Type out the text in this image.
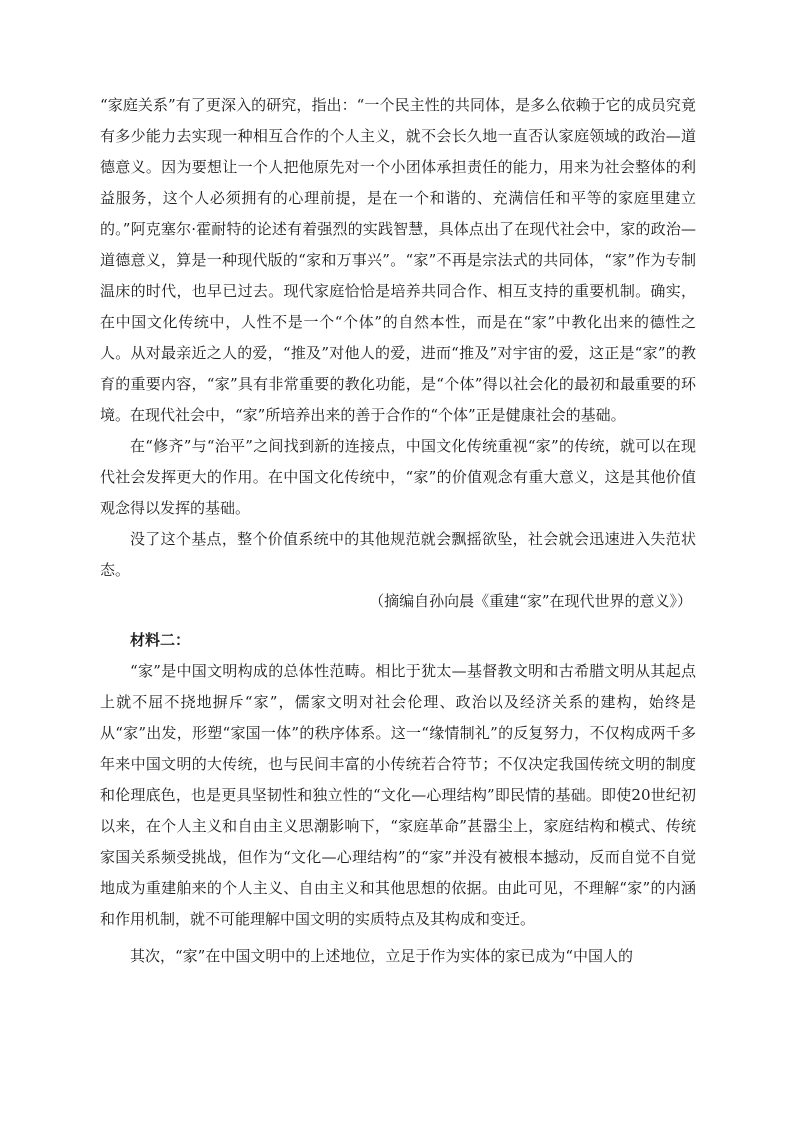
“家庭关系”有了更深入的研究，指出：“一个民主性的共同体，是多么依赖于它的成员究竟有多少能力去实现一种相互合作的个人主义，就不会长久地一直否认家庭领域的政治—道德意义。因为要想让一个人把他原先对一个小团体承担责任的能力，用来为社会整体的利益服务，这个人必须拥有的心理前提，是在一个和谐的、充满信任和平等的家庭里建立的。”阿克塞尔·霍耐特的论述有着强烈的实践智慧，具体点出了在现代社会中，家的政治—道德意义，算是一种现代版的“家和万事兴”。“家”不再是宗法式的共同体，“家”作为专制温床的时代，也早已过去。现代家庭恰恰是培养共同合作、相互支持的重要机制。确实，在中国文化传统中，人性不是一个“个体”的自然本性，而是在“家”中教化出来的德性之人。从对最亲近之人的爱，“推及”对他人的爱，进而“推及”对宇宙的爱，这正是“家”的教育的重要内容，“家”具有非常重要的教化功能，是“个体”得以社会化的最初和最重要的环境。在现代社会中，“家”所培养出来的善于合作的“个体”正是健康社会的基础。

在“修齐”与“治平”之间找到新的连接点，中国文化传统重视“家”的传统，就可以在现代社会发挥更大的作用。在中国文化传统中，“家”的价值观念有重大意义，这是其他价值观念得以发挥的基础。

没了这个基点，整个价值系统中的其他规范就会飘摇欲坠，社会就会迅速进入失范状态。

（摘编自孙向晨《重建“家”在现代世界的意义》）

材料二：

“家”是中国文明构成的总体性范畴。相比于犹太—基督教文明和古希腊文明从其起点上就不屈不挠地摒斥“家”，儒家文明对社会伦理、政治以及经济关系的建构，始终是从“家”出发，形塑“家国一体”的秩序体系。这一“缘情制礼”的反复努力，不仅构成两千多年来中国文明的大传统，也与民间丰富的小传统若合符节；不仅决定我国传统文明的制度和伦理底色，也是更具坚韧性和独立性的“文化—心理结构”即民情的基础。即使20世纪初以来，在个人主义和自由主义思潮影响下，“家庭革命”甚嚣尘上，家庭结构和模式、传统家国关系频受挑战，但作为“文化—心理结构”的“家”并没有被根本撼动，反而自觉不自觉地成为重建舶来的个人主义、自由主义和其他思想的依据。由此可见，不理解“家”的内涵和作用机制，就不可能理解中国文明的实质特点及其构成和变迁。

其次，“家”在中国文明中的上述地位，立足于作为实体的家已成为“中国人的
